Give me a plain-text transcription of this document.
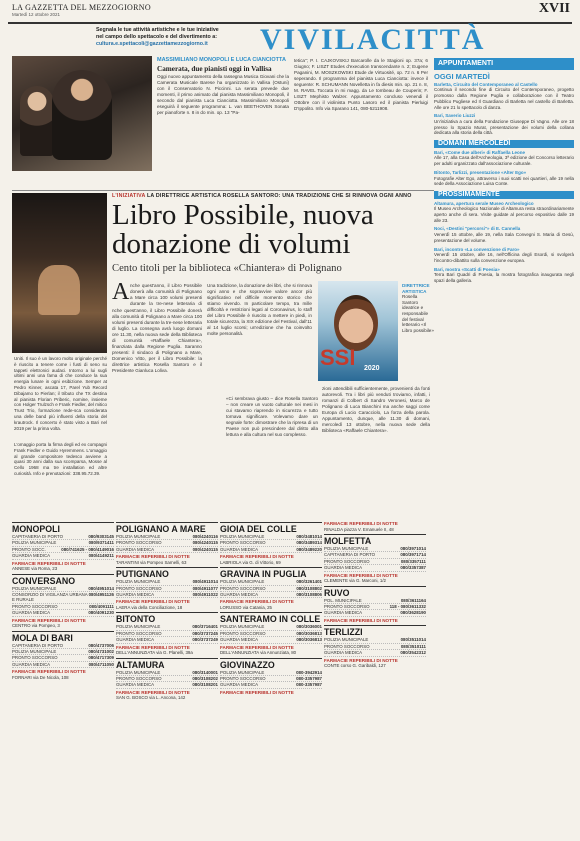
LA GAZZETTA DEL MEZZOGIORNO
Martedì 12 ottobre 2021	XVII
Segnala le tue attività artistiche e le tue iniziative
nel campo dello spettacolo e del divertimento a:
cultura.e.spettacoli@gazzettamezzogiorno.it	VIVILACITTÀ
MASSIMILIANO MONOPOLI E LUCA CIANCIOTTA
Camerata, due pianisti oggi in Vallisa
Oggi nuovo appuntamento della rassegna Musica Giovani che la Camerata Musicale Barese ha organizzato in Vallisa (Ostuni) con il Conservatorio N. Piccinni. La serata prevede due momenti, il primo animato dal pianista Massimiliano Monopoli, il secondo dal pianista Luca Cianciotta. Massimiliano Monopoli eseguirà il seguente programma: L. van BEETHOVEN Sonata per pianoforte n. 8 in do min. op. 13 "Pa-
tetica"; P. I. CAJKOVSKIJ Barcarolle da le Stagioni op. 37a; 6 Giugno; F. LISZT Etudes d'execution transcendante n. 2; Eugene Paganini, M. MOSZKOWSKI Etude de Virtuosité, op. 72 n. 6 Per seperando. Il programma del pianista Luca Cianciotta: invece il seguente: R. SCHUMANN Novelletta in fa diesis min. op. 21 n. 8, M. RAVEL Toccata in mi magg. da Le tombeau de Couperin; F. LISZT Mephisto Walzer. Appuntamento concluso venendi il Ottobre con il violinista Punto Lasoro ed il pianista Pierluigi D'Ippolito. Info via Sparano 141, 080-5211908.
L'INIZIATIVA LA DIRETTRICE ARTISTICA ROSELLA SANTORO: UNA TRADIZIONE CHE SI RINNOVA OGNI ANNO
Libro Possibile, nuova donazione di volumi
Cento titoli per la biblioteca «Chiantera» di Polignano
A nche quest'anno, il Libro Possibile donerà alla comunità di Polignano a Mare circa 100 volumi presenti durante la tre-nese letteraria di
nche quest'anno, il Libro Possibile donerà alla comunità di Polignano a Mare circa 100 volumi presenti durante la tre-nese letteraria di luglio. La consegna avrà luogo domani ore 11.30, nella nuova sede della Biblioteca di comunità «Raffaele Chiantera», finanziata dalla Regione Puglia. Saranno presenti: il sindaco di Polignano a Mare, Domenico Vitto, per il Libro Possibile: la direttrice artistica Rosella Santoro e il Presidente Gianluca Loliva.
Una tradizione, la donazione dei libri, che si rinnova ogni anno e che sopravvive valore ancor più significativo nel difficile momento storico che stiamo vivendo. In particolare tempo, tra mille difficoltà e restrizioni legati al Coronavirus, lo staff del Libro Possibile è riuscito a mettere in piedi, in totale sicurezza, la XIX edizione del Festival, dall'11 al 14 luglio scorsi; un'edizione che ha coinvolto molte personalità.
«Ci sembrava giusto – dice Rosella Santoro – non creare un vuoto culturale nei mesi in cui stavamo riaprendo in sicurezza e tutto tornava significare. Volevamo dare un segnale forte: dimostrare che la ripresa di un Paese non può prescindere dal diritto alla lettura e alla cultura nel suo complesso.
zioni attendibili sufficientemente, provenienti da fonti autorevoli. Tra i libri più venduti troviamo, infatti, i romanzi di Colbert di Sandro Veronesi, Marco de Polignano di Luca Bianchini ma anche saggi come Europa di Lucio Caracciolo, La forza della parola. Appuntamento, dunque, alle 11.30 di domani, mercoledì 13 ottobre, nella nuova sede della Biblioteca «Raffaele Chiantera».
SSI 2020
DIRETTRICE ARTISTICA
Rosella Santoro ideatrice e responsabile del festival letterario «Il Libro possibile»
Uniti. Il suo è un lavoro molto originale perché è riuscito a tenere come i fusti di seno su tappeti elettronici audaci. Intorno a lui sugli ultimi anni una fama di che conduce la sua energia lunare in ogni esibizione. Semper at Pedro Kinner, ascata 17, Parel Yub Record Dibajamo to Pierlan; il tributo che TX destina al pianista Florian Priberic, nomine, insieme con Holger Trulzsch e Frank Fiedler, del mitico Trust Trio, formazione rede-sca considerata una delle band più influenti della storia del krautrock. Il concerto è stato visto a Bari nel 2019 per la prima volta.
L'omaggio porta la firma degli ed ex compagni Frank Fiedler e Guido Hyremmens. L'omaggio al grande compositore tedesco avviene a quasi 30 anni dalla sua scomparsa, Mosse al Cello 1968 ma tre installation ed altre curiosità. Info e prenotazioni: 338.95.72.39.
MONOPOLI
CAPITANERIA DI PORTO	080/9303145
POLIZIA MUNICIPALE	080/9371411
PRONTO SOCC.	080/741625 - 080/4149016
GUARDIA MEDICA	080/4149211
FARMACIE REPERIBILI DI NOTTE
ANNESE via Roma, 23
CONVERSANO
POLIZIA MUNICIPALE	080/4951014
CONSORZIO DI VIGILANZA URBANA E RURALE
080/4951126
PRONTO SOCCORSO	080/4091111
GUARDIA MEDICA	080/4091230
FARMACIE REPERIBILI DI NOTTE
CENTRO via Pompeo, 3
MOLA DI BARI
CAPITANERIA DI PORTO	080/4737006
POLIZIA MUNICIPALE	080/4731002
PRONTO SOCCORSO	080/4717309
GUARDIA MEDICA	080/4711050
FARMACIE REPERIBILI DI NOTTE
FORNARI via De Nicola, 108
POLIGNANO A MARE
POLIZIA MUNICIPALE	080/4240116
PRONTO SOCCORSO	080/4240115
GUARDIA MEDICA	080/4240115
FARMACIE REPERIBILI DI NOTTE
TARANTINI via Pompeo Sarnelli, 63
PUTIGNANO
POLIZIA MUNICIPALE	080/4911014
PRONTO SOCCORSO	080/4911077
GUARDIA MEDICA	080/4911022
FARMACIE REPERIBILI DI NOTTE
LAERA via della Conciliazione, 18
BITONTO
POLIZIA MUNICIPALE	080/3716401
PRONTO SOCCORSO	080/3737245
GUARDIA MEDICA	080/3737249
FARMACIE REPERIBILI DI NOTTE
DELL'ANNUNZIATA via G. Planelli, 39a
ALTAMURA
POLIZIA MUNICIPALE	080/3140001
PRONTO SOCCORSO	080/3108202
GUARDIA MEDICA	080/3108201
FARMACIE REPERIBILI DI NOTTE
SAN G. BOSCO via L. Ancona, 142
GIOIA DEL COLLE
POLIZIA MUNICIPALE	080/3481014
PRONTO SOCCORSO	080/3489314
GUARDIA MEDICA	080/3489220
FARMACIE REPERIBILI DI NOTTE
LABRIOLA via G. di Vittorio, 69
GRAVINA IN PUGLIA
POLIZIA MUNICIPALE	080/3261401
PRONTO SOCCORSO	080/3108802
GUARDIA MEDICA	080/3108806
FARMACIE REPERIBILI DI NOTTE
LORUSSO via Catania, 25
SANTERAMO IN COLLE
POLIZIA MUNICIPALE	080/3036001
PRONTO SOCCORSO	080/3036813
GUARDIA MEDICA	080/3036813
FARMACIE REPERIBILI DI NOTTE
DELL'ANNUNZIATA via Annunziata, 80
GIOVINAZZO
POLIZIA MUNICIPALE	080-3942914
PRONTO SOCCORSO	080-3357987
GUARDIA MEDICA	080-3357987
FARMACIE REPERIBILI DI NOTTE
FARMACIE REPERIBILI DI NOTTE
RINALDA piazza V. Emanuele II, 48
MOLFETTA
POLIZIA MUNICIPALE	080/3971014
CAPITANERIA DI PORTO	080/3971714
PRONTO SOCCORSO	080/3357111
GUARDIA MEDICA	080/3357387
FARMACIE REPERIBILI DI NOTTE
CLEMENTE via G. Marconi, 1/2
RUVO
POL. MUNICIPALE	080/3611164
PRONTO SOCCORSO	118 - 080/3611332
GUARDIA MEDICA	080/3628190
FARMACIE REPERIBILI DI NOTTE
TERLIZZI
POLIZIA MUNICIPALE	080/3511014
PRONTO SOCCORSO	080/3510111
GUARDIA MEDICA	080/3542312
FARMACIE REPERIBILI DI NOTTE
CONTE corso G. Garibaldi, 127
APPUNTAMENTI
OGGI MARTEDÌ
Barletta, Circuito del Contemporaneo al Castello
Continua il secondo fine di Circuito del Contemporaneo, progetto promosso dalla Regione Puglia e collaborazione con il Teatro Pubblico Pugliese ed Il Guardiano di Barletta nel castello di Barletta. Alle ore 21 lo spettacolo di danza.
Bari, Saverio Liuzzi
Un'iniziativa a cura della Fondazione Giuseppe Di Vagno. Alle ore 18 presso lo Spazio Murat, presentazione dei volumi della collana dedicata alla storia della città.
DOMANI MERCOLEDÌ
Bari, «Come due alberi» di Raffaella Leone
Alle 17, alla Casa dell'Archeologia, 3ª edizione del Concorso letterario per adulti organizzato dall'associazione culturale.
Bitonto, Tarlizzi, presentazione «Alter Ego»
Fotografie Alter Ego, attraverso i suoi scatti nei quartieri, alle 19 nella sede della Associazione Luisa Conte.
PROSSIMAMENTE
Altamura, apertura serale Museo Archeologico
Il Museo Archeologico Nazionale di Altamura resta straordinariamente aperto anche di sera. Visite guidate al percorso espositivo dalle 19 alle 23.
Noci, «Destini "percorsi"» di E. Cannella
Venerdì 15 ottobre, alle 19, nella Sala Convegni S. Maria di Gesù, presentazione del volume.
Bari, incontro «La convenzione di Faro»
Venerdì 15 ottobre, alle 16, nell'Officina degli Esordi, si svolgerà l'incontro-dibattito sulla convenzione europea.
Bari, mostra «Scatti di Poesia»
Terra Bari Quadri di Poesia, la mostra fotografica inaugurata negli spazi della galleria.
